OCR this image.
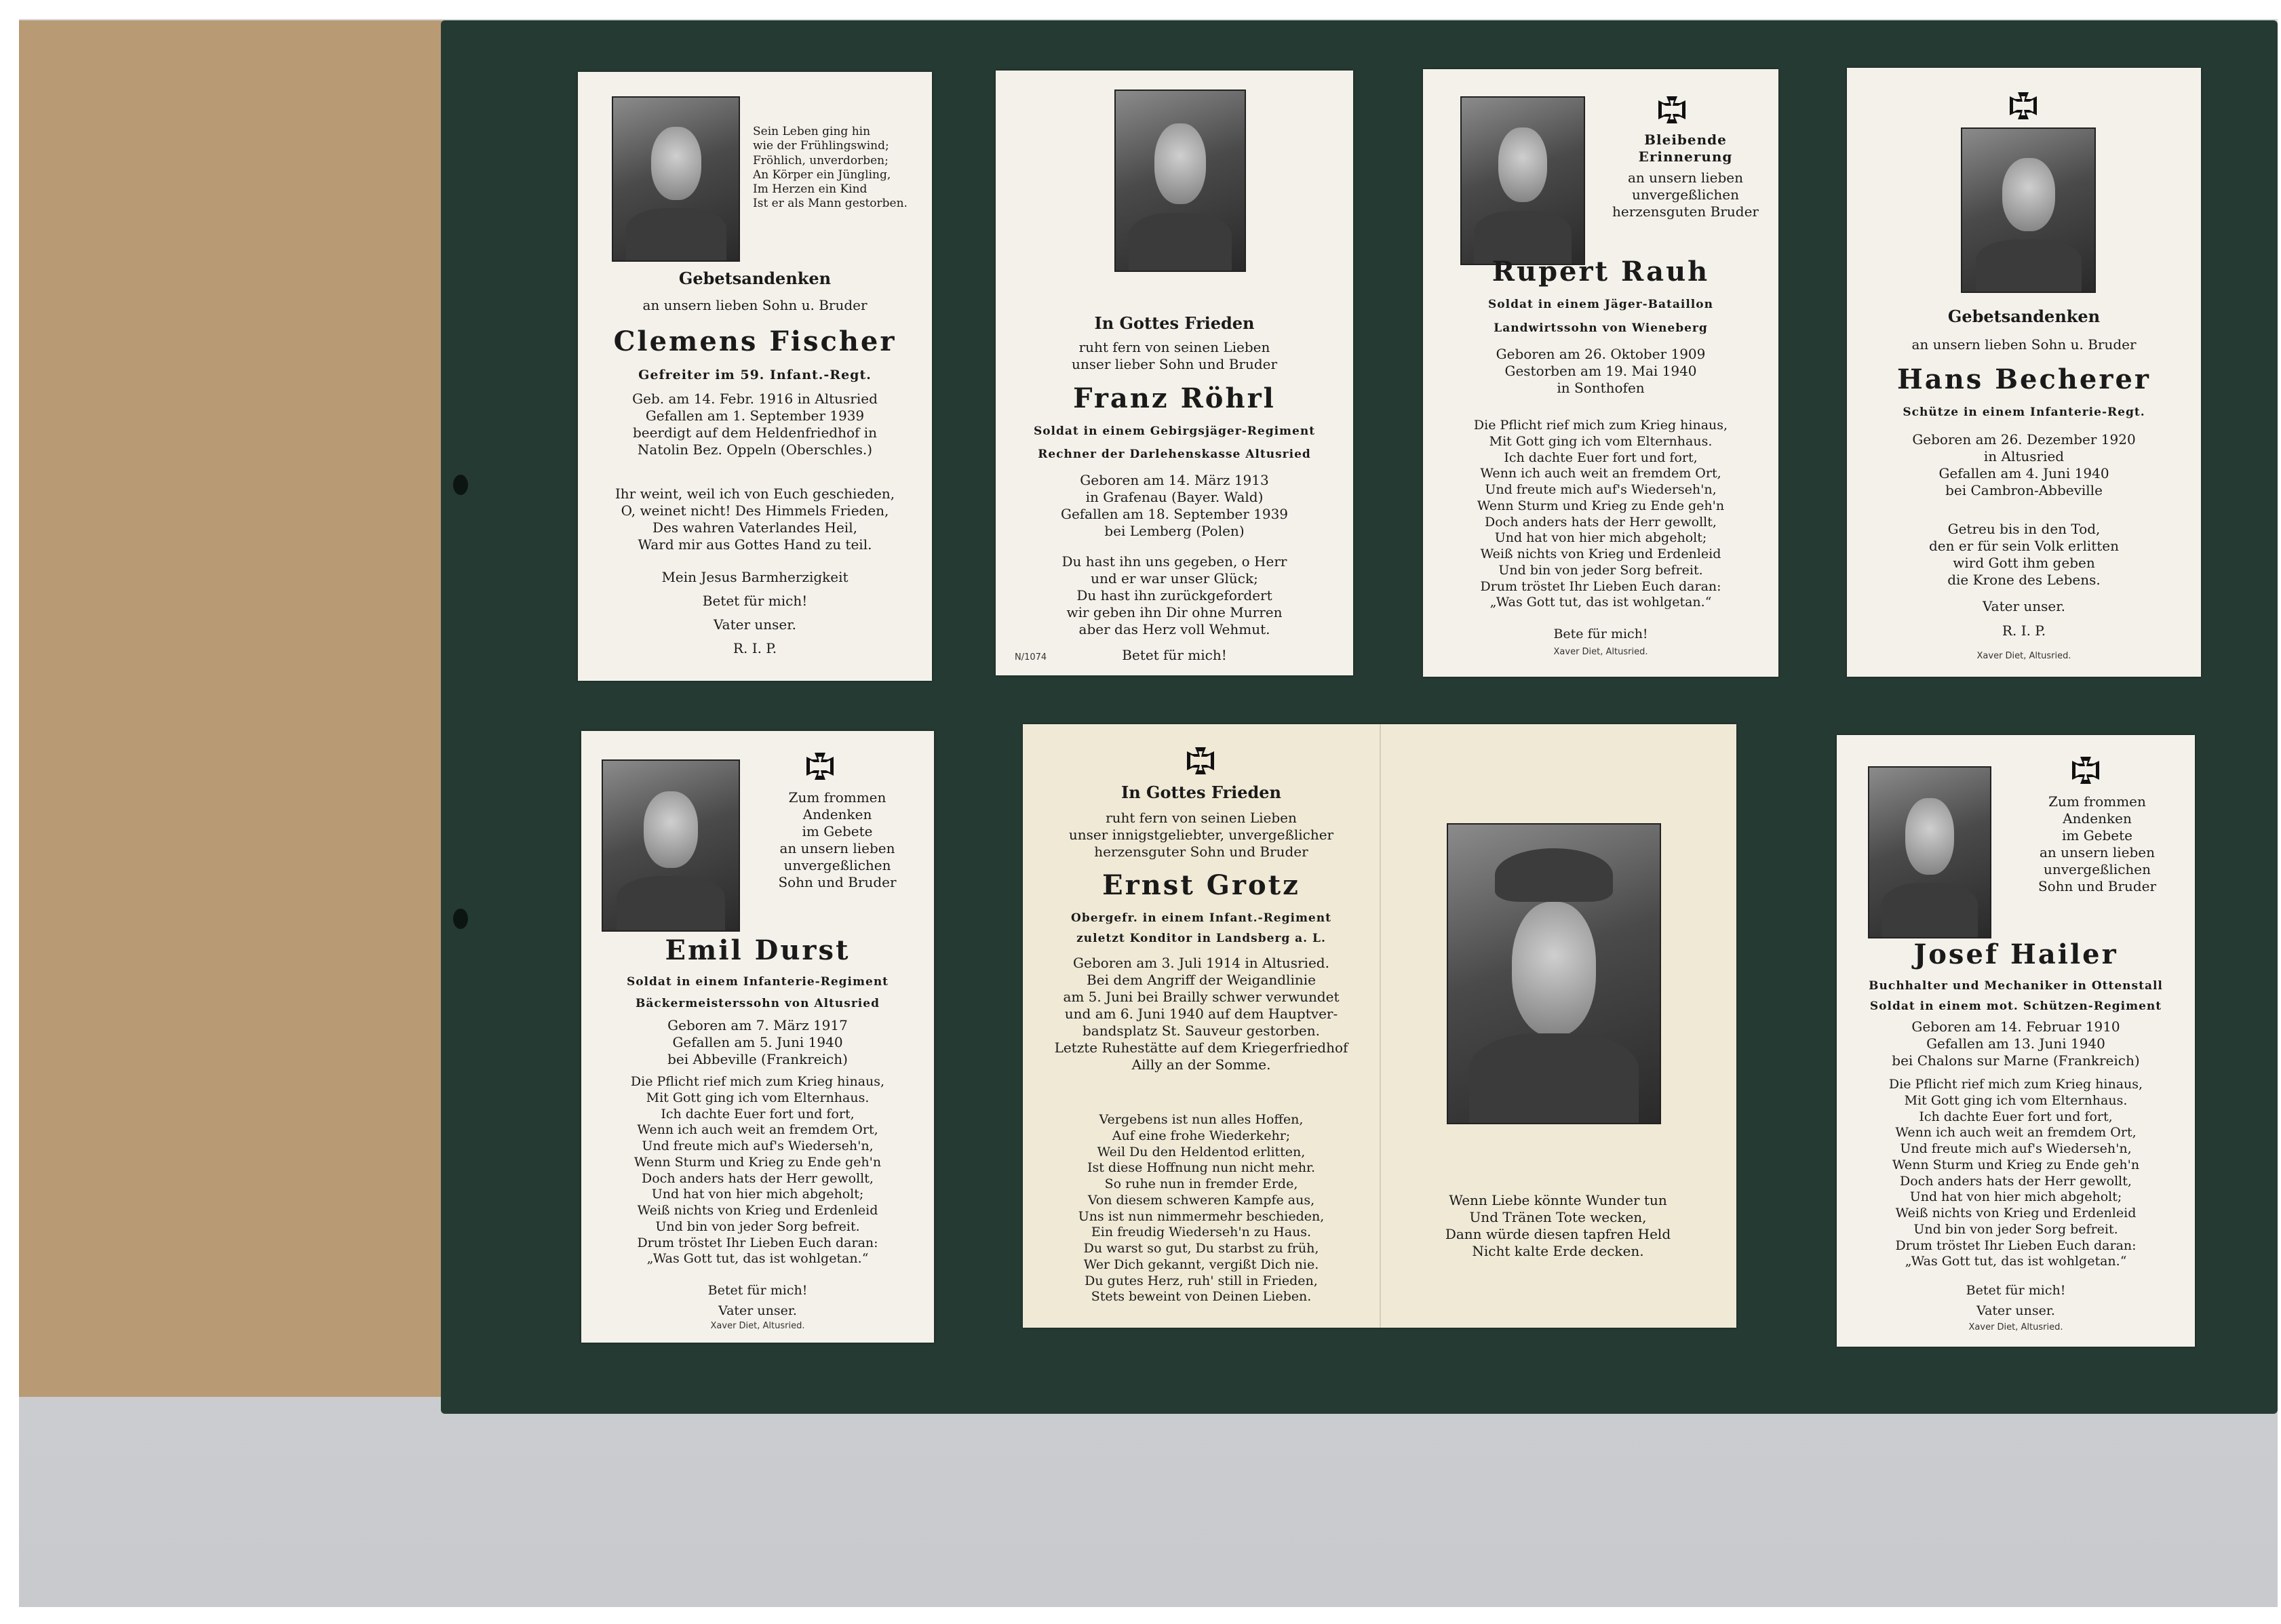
Sein Leben ging hin
wie der Frühlingswind;
Fröhlich, unverdorben;
An Körper ein Jüngling,
Im Herzen ein Kind
Ist er als Mann gestorben.
Gebetsandenken
an unsern lieben Sohn u. Bruder
Clemens Fischer
Gefreiter im 59. Infant.-Regt.
Geb. am 14. Febr. 1916 in Altusried
Gefallen am 1. September 1939
beerdigt auf dem Heldenfriedhof in
Natolin Bez. Oppeln (Oberschles.)
Ihr weint, weil ich von Euch geschieden,
O, weinet nicht! Des Himmels Frieden,
Des wahren Vaterlandes Heil,
Ward mir aus Gottes Hand zu teil.
Mein Jesus Barmherzigkeit
Betet für mich!
Vater unser.
R. I. P.
In Gottes Frieden
ruht fern von seinen Lieben
unser lieber Sohn und Bruder
Franz Röhrl
Soldat in einem Gebirgsjäger-Regiment
Rechner der Darlehenskasse Altusried
Geboren am 14. März 1913
in Grafenau (Bayer. Wald)
Gefallen am 18. September 1939
bei Lemberg (Polen)
Du hast ihn uns gegeben, o Herr
und er war unser Glück;
Du hast ihn zurückgefordert
wir geben ihn Dir ohne Murren
aber das Herz voll Wehmut.
N/1074	Betet für mich!
Bleibende
Erinnerung
an unsern lieben
unvergeßlichen
herzensguten Bruder
Rupert Rauh
Soldat in einem Jäger-Bataillon
Landwirtssohn von Wieneberg
Geboren am 26. Oktober 1909
Gestorben am 19. Mai 1940
in Sonthofen
Die Pflicht rief mich zum Krieg hinaus,
Mit Gott ging ich vom Elternhaus.
Ich dachte Euer fort und fort,
Wenn ich auch weit an fremdem Ort,
Und freute mich auf's Wiederseh'n,
Wenn Sturm und Krieg zu Ende geh'n
Doch anders hats der Herr gewollt,
Und hat von hier mich abgeholt;
Weiß nichts von Krieg und Erdenleid
Und bin von jeder Sorg befreit.
Drum tröstet Ihr Lieben Euch daran:
„Was Gott tut, das ist wohlgetan.“
Bete für mich!
Xaver Diet, Altusried.
Gebetsandenken
an unsern lieben Sohn u. Bruder
Hans Becherer
Schütze in einem Infanterie-Regt.
Geboren am 26. Dezember 1920
in Altusried
Gefallen am 4. Juni 1940
bei Cambron-Abbeville
Getreu bis in den Tod,
den er für sein Volk erlitten
wird Gott ihm geben
die Krone des Lebens.
Vater unser.
R. I. P.
Xaver Diet, Altusried.
Zum frommen
Andenken
im Gebete
an unsern lieben
unvergeßlichen
Sohn und Bruder
Emil Durst
Soldat in einem Infanterie-Regiment
Bäckermeisterssohn von Altusried
Geboren am 7. März 1917
Gefallen am 5. Juni 1940
bei Abbeville (Frankreich)
Die Pflicht rief mich zum Krieg hinaus,
Mit Gott ging ich vom Elternhaus.
Ich dachte Euer fort und fort,
Wenn ich auch weit an fremdem Ort,
Und freute mich auf's Wiederseh'n,
Wenn Sturm und Krieg zu Ende geh'n
Doch anders hats der Herr gewollt,
Und hat von hier mich abgeholt;
Weiß nichts von Krieg und Erdenleid
Und bin von jeder Sorg befreit.
Drum tröstet Ihr Lieben Euch daran:
„Was Gott tut, das ist wohlgetan.“
Betet für mich!
Vater unser.
Xaver Diet, Altusried.
In Gottes Frieden
ruht fern von seinen Lieben
unser innigstgeliebter, unvergeßlicher
herzensguter Sohn und Bruder
Ernst Grotz
Obergefr. in einem Infant.-Regiment
zuletzt Konditor in Landsberg a. L.
Geboren am 3. Juli 1914 in Altusried.
Bei dem Angriff der Weigandlinie
am 5. Juni bei Brailly schwer verwundet
und am 6. Juni 1940 auf dem Hauptver-
bandsplatz St. Sauveur gestorben.
Letzte Ruhestätte auf dem Kriegerfriedhof
Ailly an der Somme.
Vergebens ist nun alles Hoffen,
Auf eine frohe Wiederkehr;
Weil Du den Heldentod erlitten,
Ist diese Hoffnung nun nicht mehr.
So ruhe nun in fremder Erde,
Von diesem schweren Kampfe aus,
Uns ist nun nimmermehr beschieden,
Ein freudig Wiederseh'n zu Haus.
Du warst so gut, Du starbst zu früh,
Wer Dich gekannt, vergißt Dich nie.
Du gutes Herz, ruh' still in Frieden,
Stets beweint von Deinen Lieben.
Wenn Liebe könnte Wunder tun
Und Tränen Tote wecken,
Dann würde diesen tapfren Held
Nicht kalte Erde decken.
Zum frommen
Andenken
im Gebete
an unsern lieben
unvergeßlichen
Sohn und Bruder
Josef Hailer
Buchhalter und Mechaniker in Ottenstall
Soldat in einem mot. Schützen-Regiment
Geboren am 14. Februar 1910
Gefallen am 13. Juni 1940
bei Chalons sur Marne (Frankreich)
Die Pflicht rief mich zum Krieg hinaus,
Mit Gott ging ich vom Elternhaus.
Ich dachte Euer fort und fort,
Wenn ich auch weit an fremdem Ort,
Und freute mich auf's Wiederseh'n,
Wenn Sturm und Krieg zu Ende geh'n
Doch anders hats der Herr gewollt,
Und hat von hier mich abgeholt;
Weiß nichts von Krieg und Erdenleid
Und bin von jeder Sorg befreit.
Drum tröstet Ihr Lieben Euch daran:
„Was Gott tut, das ist wohlgetan.“
Betet für mich!
Vater unser.
Xaver Diet, Altusried.
